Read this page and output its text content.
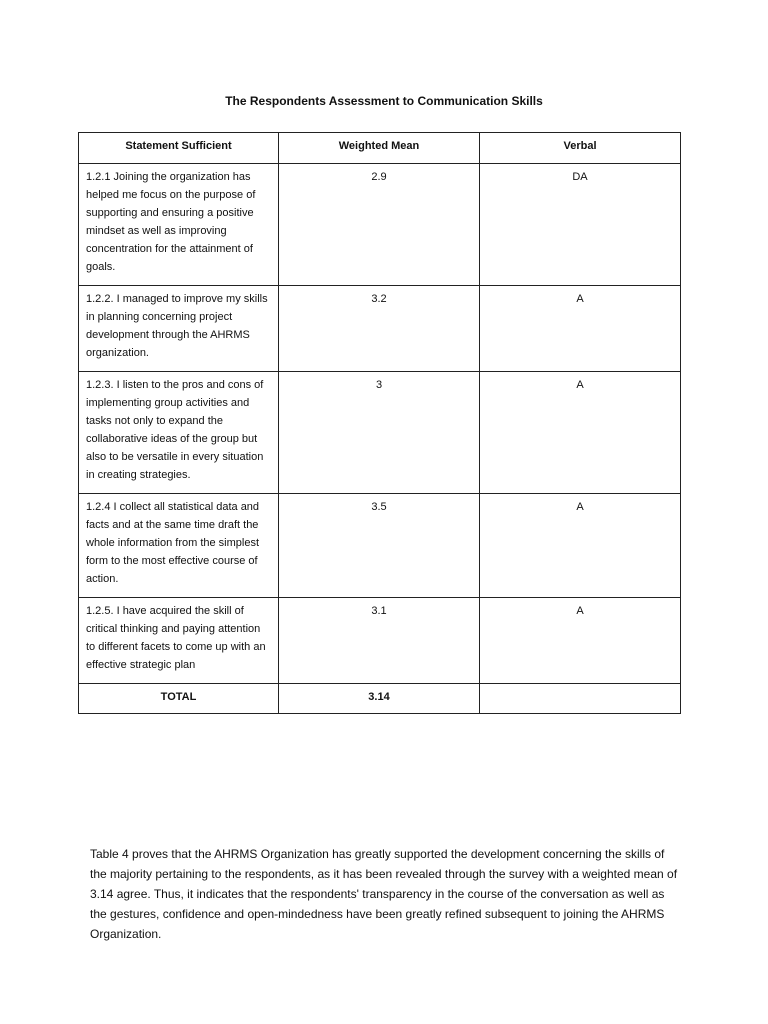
The Respondents Assessment to Communication Skills
Statement Sufficient	Weighted Mean	Verbal
1.2.1 Joining the organization has helped me focus on the purpose of supporting and ensuring a positive mindset as well as improving concentration for the attainment of goals.	2.9	DA
1.2.2. I managed to improve my skills in planning concerning project development through the AHRMS organization.	3.2	A
1.2.3. I listen to the pros and cons of implementing group activities and tasks not only to expand the collaborative ideas of the group but also to be versatile in every situation in creating strategies.	3	A
1.2.4 I collect all statistical data and facts and at the same time draft the whole information from the simplest form to the most effective course of action.	3.5	A
1.2.5. I have acquired the skill of critical thinking and paying attention to different facets to come up with an effective strategic plan	3.1	A
TOTAL	3.14	

Table 4 proves that the AHRMS Organization has greatly supported the development concerning the skills of the majority pertaining to the respondents, as it has been revealed through the survey with a weighted mean of 3.14 agree. Thus, it indicates that the respondents' transparency in the course of the conversation as well as the gestures, confidence and open-mindedness have been greatly refined subsequent to joining the AHRMS Organization.
